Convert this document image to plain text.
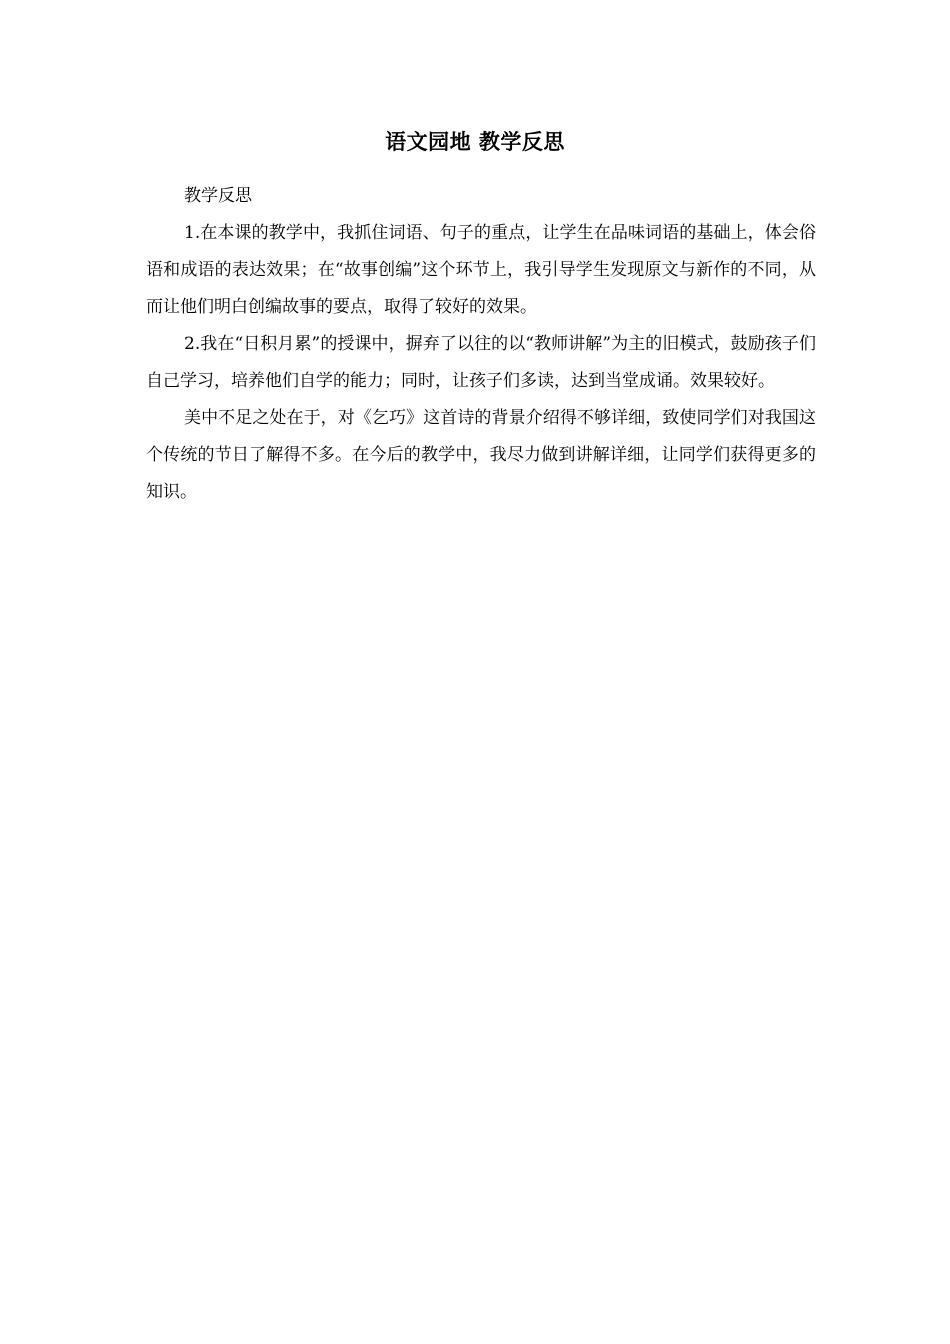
语文园地 教学反思

教学反思

1.在本课的教学中，我抓住词语、句子的重点，让学生在品味词语的基础上，体会俗语和成语的表达效果；在“故事创编”这个环节上，我引导学生发现原文与新作的不同，从而让他们明白创编故事的要点，取得了较好的效果。

2.我在“日积月累”的授课中，摒弃了以往的以“教师讲解”为主的旧模式，鼓励孩子们自己学习，培养他们自学的能力；同时，让孩子们多读，达到当堂成诵。效果较好。

美中不足之处在于，对《乞巧》这首诗的背景介绍得不够详细，致使同学们对我国这个传统的节日了解得不多。在今后的教学中，我尽力做到讲解详细，让同学们获得更多的知识。
